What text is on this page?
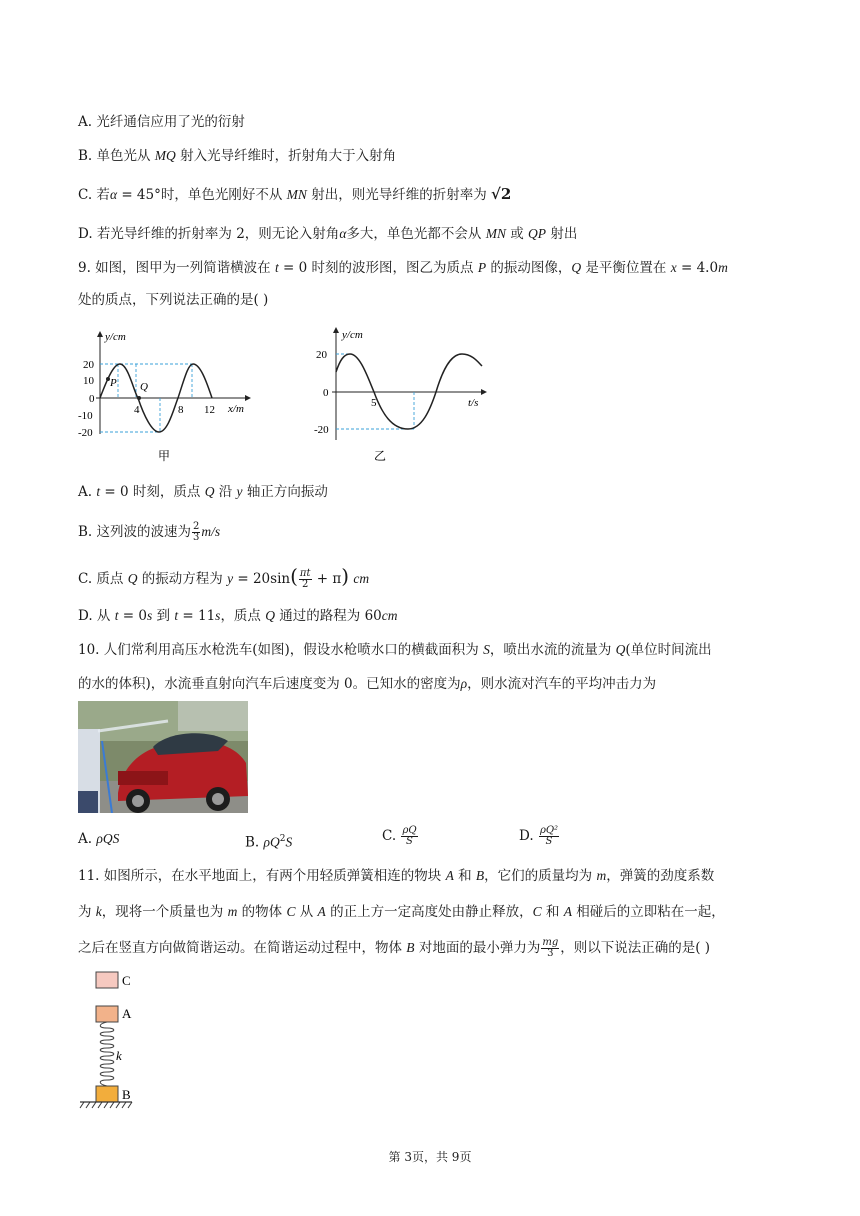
A. 光纤通信应用了光的衍射
B. 单色光从 MQ 射入光导纤维时，折射角大于入射角
C. 若α = 45°时，单色光刚好不从 MN 射出，则光导纤维的折射率为 √2
D. 若光导纤维的折射率为 2，则无论入射角α多大，单色光都不会从 MN 或 QP 射出
9. 如图，图甲为一列简谐横波在 t = 0 时刻的波形图，图乙为质点 P 的振动图像，Q 是平衡位置在 x = 4.0m
处的质点，下列说法正确的是( )
y/cm
x/m
20
10
0
-10
-20
4	8 12
P Q
甲
y/cm
t/s
20
0
-20
5
乙
A. t = 0 时刻，质点 Q 沿 y 轴正方向振动
B. 这列波的波速为 $\frac{2}{3} m/s$
C. 质点 Q 的振动方程为 $y = 20\sin( \frac{\pi t}{2} + \pi)$ cm
D. 从 t = 0s 到 t = 11s，质点 Q 通过的路程为 60cm
10. 人们常利用高压水枪洗车(如图)，假设水枪喷水口的横截面积为 S，喷出水流的流量为 Q(单位时间流出
的水的体积)，水流垂直射向汽车后速度变为 0。已知水的密度为ρ，则水流对汽车的平均冲击力为
A. ρQS	B. $\rho Q^2S$	C. $\frac{\rho Q}{S}$	D. $\frac{\text{ρQ²}}{S}$
11. 如图所示，在水平地面上，有两个用轻质弹簧相连的物块 A 和 B，它们的质量均为 m，弹簧的劲度系数
为 k，现将一个质量也为 m 的物体 C 从 A 的正上方一定高度处由静止释放，C 和 A 相碰后的立即粘在一起，
之后在竖直方向做简谐运动。在简谐运动过程中，物体 B 对地面的最小弹力为 $\frac{mg}{3}$ ，则以下说法正确的是( )
C
A
k
B
第 3页，共 9页
